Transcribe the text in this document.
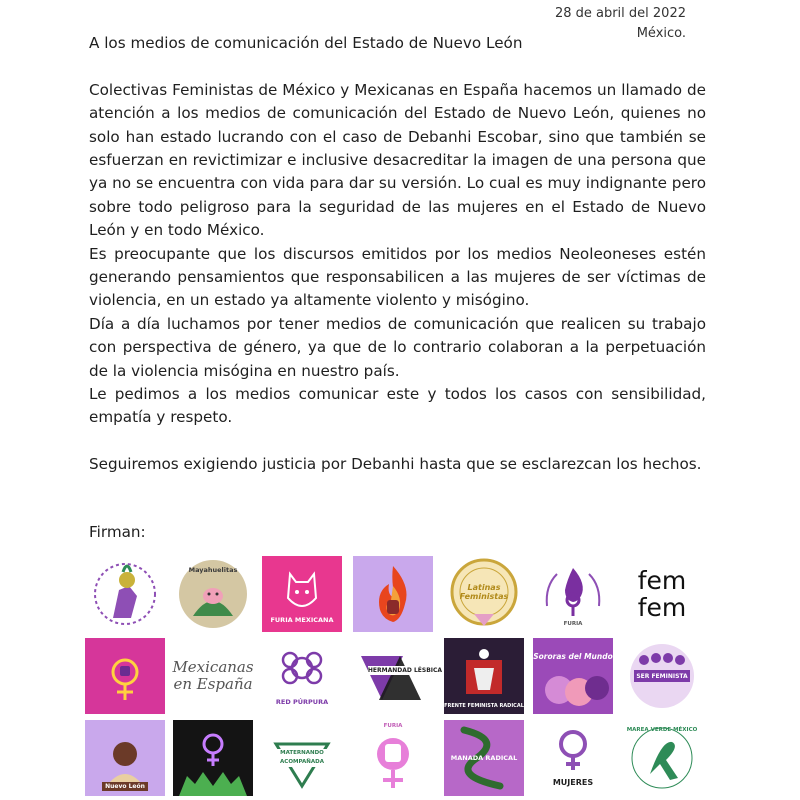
28 de abril del 2022
México.

A los medios de comunicación del Estado de Nuevo León

Colectivas Feministas de México y Mexicanas en España hacemos un llamado de atención a los medios de comunicación del Estado de Nuevo León, quienes no solo han estado lucrando con el caso de Debanhi Escobar, sino que también se esfuerzan en revictimizar e inclusive desacreditar la imagen de una persona que ya no se encuentra con vida para dar su versión. Lo cual es muy indignante pero sobre todo peligroso para la seguridad de las mujeres en el Estado de Nuevo León y en todo México.

Es preocupante que los discursos emitidos por los medios Neoleoneses estén generando pensamientos que responsabilicen a las mujeres de ser víctimas de violencia, en un estado ya altamente violento y misógino.

Día a día luchamos por tener medios de comunicación que realicen su trabajo con perspectiva de género, ya que de lo contrario colaboran a la perpetuación de la violencia misógina en nuestro país.

Le pedimos a los medios comunicar este y todos los casos con sensibilidad, empatía y respeto.

Seguiremos exigiendo justicia por Debanhi hasta que se esclarezcan los hechos.

Firman:
Mayahuelitas
FURIA MEXICANA
Latinas Feministas
FURIA
fem fem
Mexicanas en España
RED PÚRPURA
HERMANDAD LÉSBICA
FRENTE FEMINISTA RADICAL
Sororas del Mundo
SER FEMINISTA
Nuevo León
MATERNANDO ACOMPAÑADA
FURIA
MANADA RADICAL
MUJERES
MAREA VERDE MÉXICO
